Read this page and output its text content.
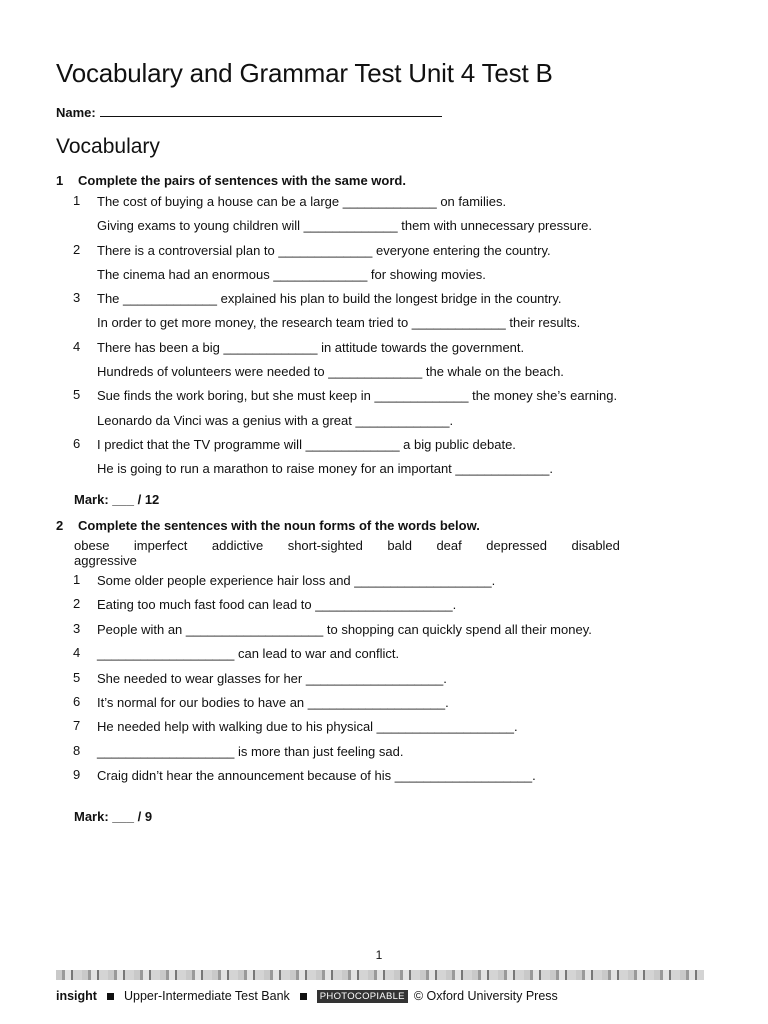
Vocabulary and Grammar Test Unit 4 Test B
Name:
Vocabulary
1 Complete the pairs of sentences with the same word.
1 The cost of buying a house can be a large _____________ on families.
Giving exams to young children will _____________ them with unnecessary pressure.
2 There is a controversial plan to _____________ everyone entering the country.
The cinema had an enormous _____________ for showing movies.
3 The _____________ explained his plan to build the longest bridge in the country.
In order to get more money, the research team tried to _____________ their results.
4 There has been a big _____________ in attitude towards the government.
Hundreds of volunteers were needed to _____________ the whale on the beach.
5 Sue finds the work boring, but she must keep in _____________ the money she’s earning.
Leonardo da Vinci was a genius with a great _____________.
6 I predict that the TV programme will _____________ a big public debate.
He is going to run a marathon to raise money for an important _____________.
Mark: ___ / 12
2 Complete the sentences with the noun forms of the words below.
obese imperfect addictive short-sighted bald deaf depressed disabled
aggressive
1 Some older people experience hair loss and ___________________.
2 Eating too much fast food can lead to ___________________.
3 People with an ___________________ to shopping can quickly spend all their money.
4 ___________________ can lead to war and conflict.
5 She needed to wear glasses for her ___________________.
6 It’s normal for our bodies to have an ___________________.
7 He needed help with walking due to his physical ___________________.
8 ___________________ is more than just feeling sad.
9 Craig didn’t hear the announcement because of his ___________________.
Mark: ___ / 9
1
insight Upper-Intermediate Test Bank	PHOTOCOPIABLE © Oxford University Press
